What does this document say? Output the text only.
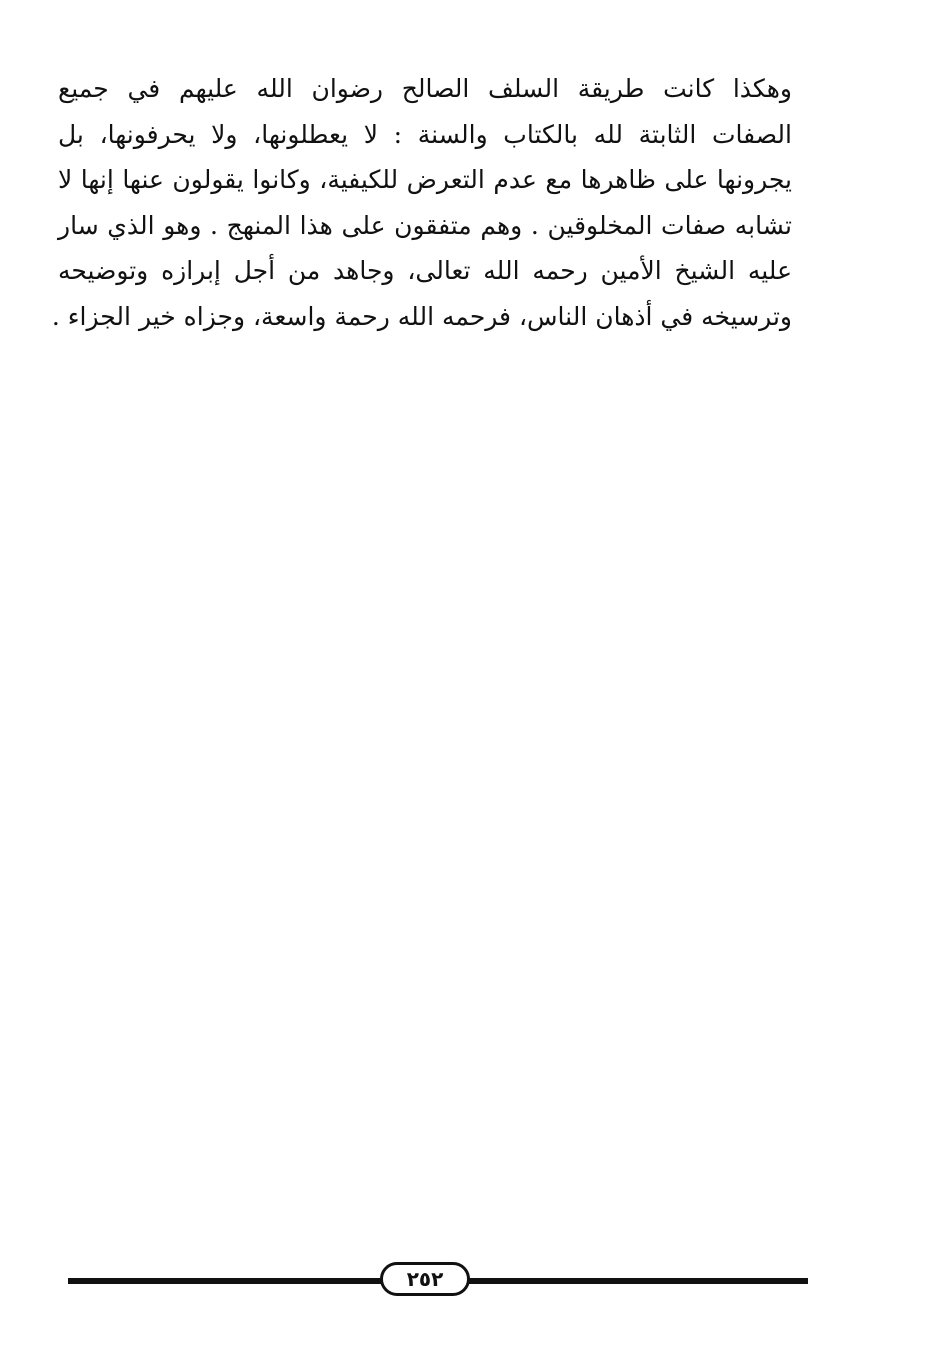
وهكذا كانت طريقة السلف الصالح رضوان الله عليهم في جميع
الصفات الثابتة لله بالكتاب والسنة : لا يعطلونها، ولا يحرفونها، بل
يجرونها على ظاهرها مع عدم التعرض للكيفية، وكانوا يقولون عنها إنها لا
تشابه صفات المخلوقين . وهم متفقون على هذا المنهج . وهو الذي سار
عليه الشيخ الأمين رحمه الله تعالى، وجاهد من أجل إبرازه وتوضيحه
وترسيخه في أذهان الناس، فرحمه الله رحمة واسعة، وجزاه خير الجزاء .

٢٥٢
